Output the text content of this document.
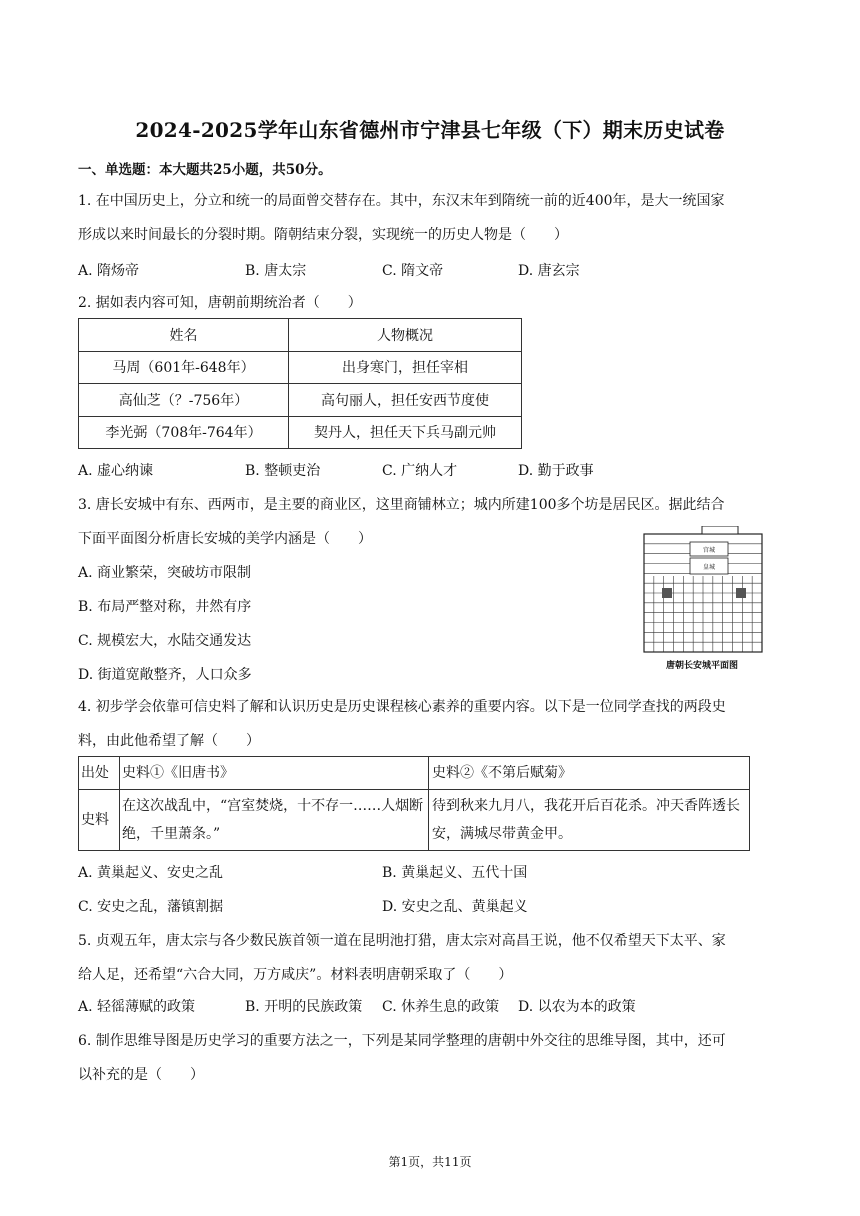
2024-2025学年山东省德州市宁津县七年级（下）期末历史试卷
一、单选题：本大题共25小题，共50分。
1. 在中国历史上，分立和统一的局面曾交替存在。其中，东汉末年到隋统一前的近400年，是大一统国家
形成以来时间最长的分裂时期。隋朝结束分裂，实现统一的历史人物是（　　）
A. 隋炀帝	B. 唐太宗	C. 隋文帝	D. 唐玄宗
2. 据如表内容可知，唐朝前期统治者（　　）
姓名	人物概况
马周（601年-648年）	出身寒门，担任宰相
高仙芝（？-756年）	高句丽人，担任安西节度使
李光弼（708年-764年）	契丹人，担任天下兵马副元帅
A. 虚心纳谏	B. 整顿吏治	C. 广纳人才	D. 勤于政事
3. 唐长安城中有东、西两市，是主要的商业区，这里商铺林立；城内所建100多个坊是居民区。据此结合
下面平面图分析唐长安城的美学内涵是（　　）
A. 商业繁荣，突破坊市限制
B. 布局严整对称，井然有序
C. 规模宏大，水陆交通发达
D. 街道宽敞整齐，人口众多
宫城
皇城
唐朝长安城平面图
4. 初步学会依靠可信史料了解和认识历史是历史课程核心素养的重要内容。以下是一位同学查找的两段史
料，由此他希望了解（　　）
出处	史料①《旧唐书》	史料②《不第后赋菊》
史料	在这次战乱中，“宫室焚烧，十不存一……人烟断绝，千里萧条。”	待到秋来九月八，我花开后百花杀。冲天香阵透长安，满城尽带黄金甲。
A. 黄巢起义、安史之乱	B. 黄巢起义、五代十国
C. 安史之乱，藩镇割据	D. 安史之乱、黄巢起义
5. 贞观五年，唐太宗与各少数民族首领一道在昆明池打猎，唐太宗对高昌王说，他不仅希望天下太平、家
给人足，还希望“六合大同，万方咸庆”。材料表明唐朝采取了（　　）
A. 轻徭薄赋的政策	B. 开明的民族政策 C. 休养生息的政策 D. 以农为本的政策
6. 制作思维导图是历史学习的重要方法之一，下列是某同学整理的唐朝中外交往的思维导图，其中，还可
以补充的是（　　）
第1页，共11页
